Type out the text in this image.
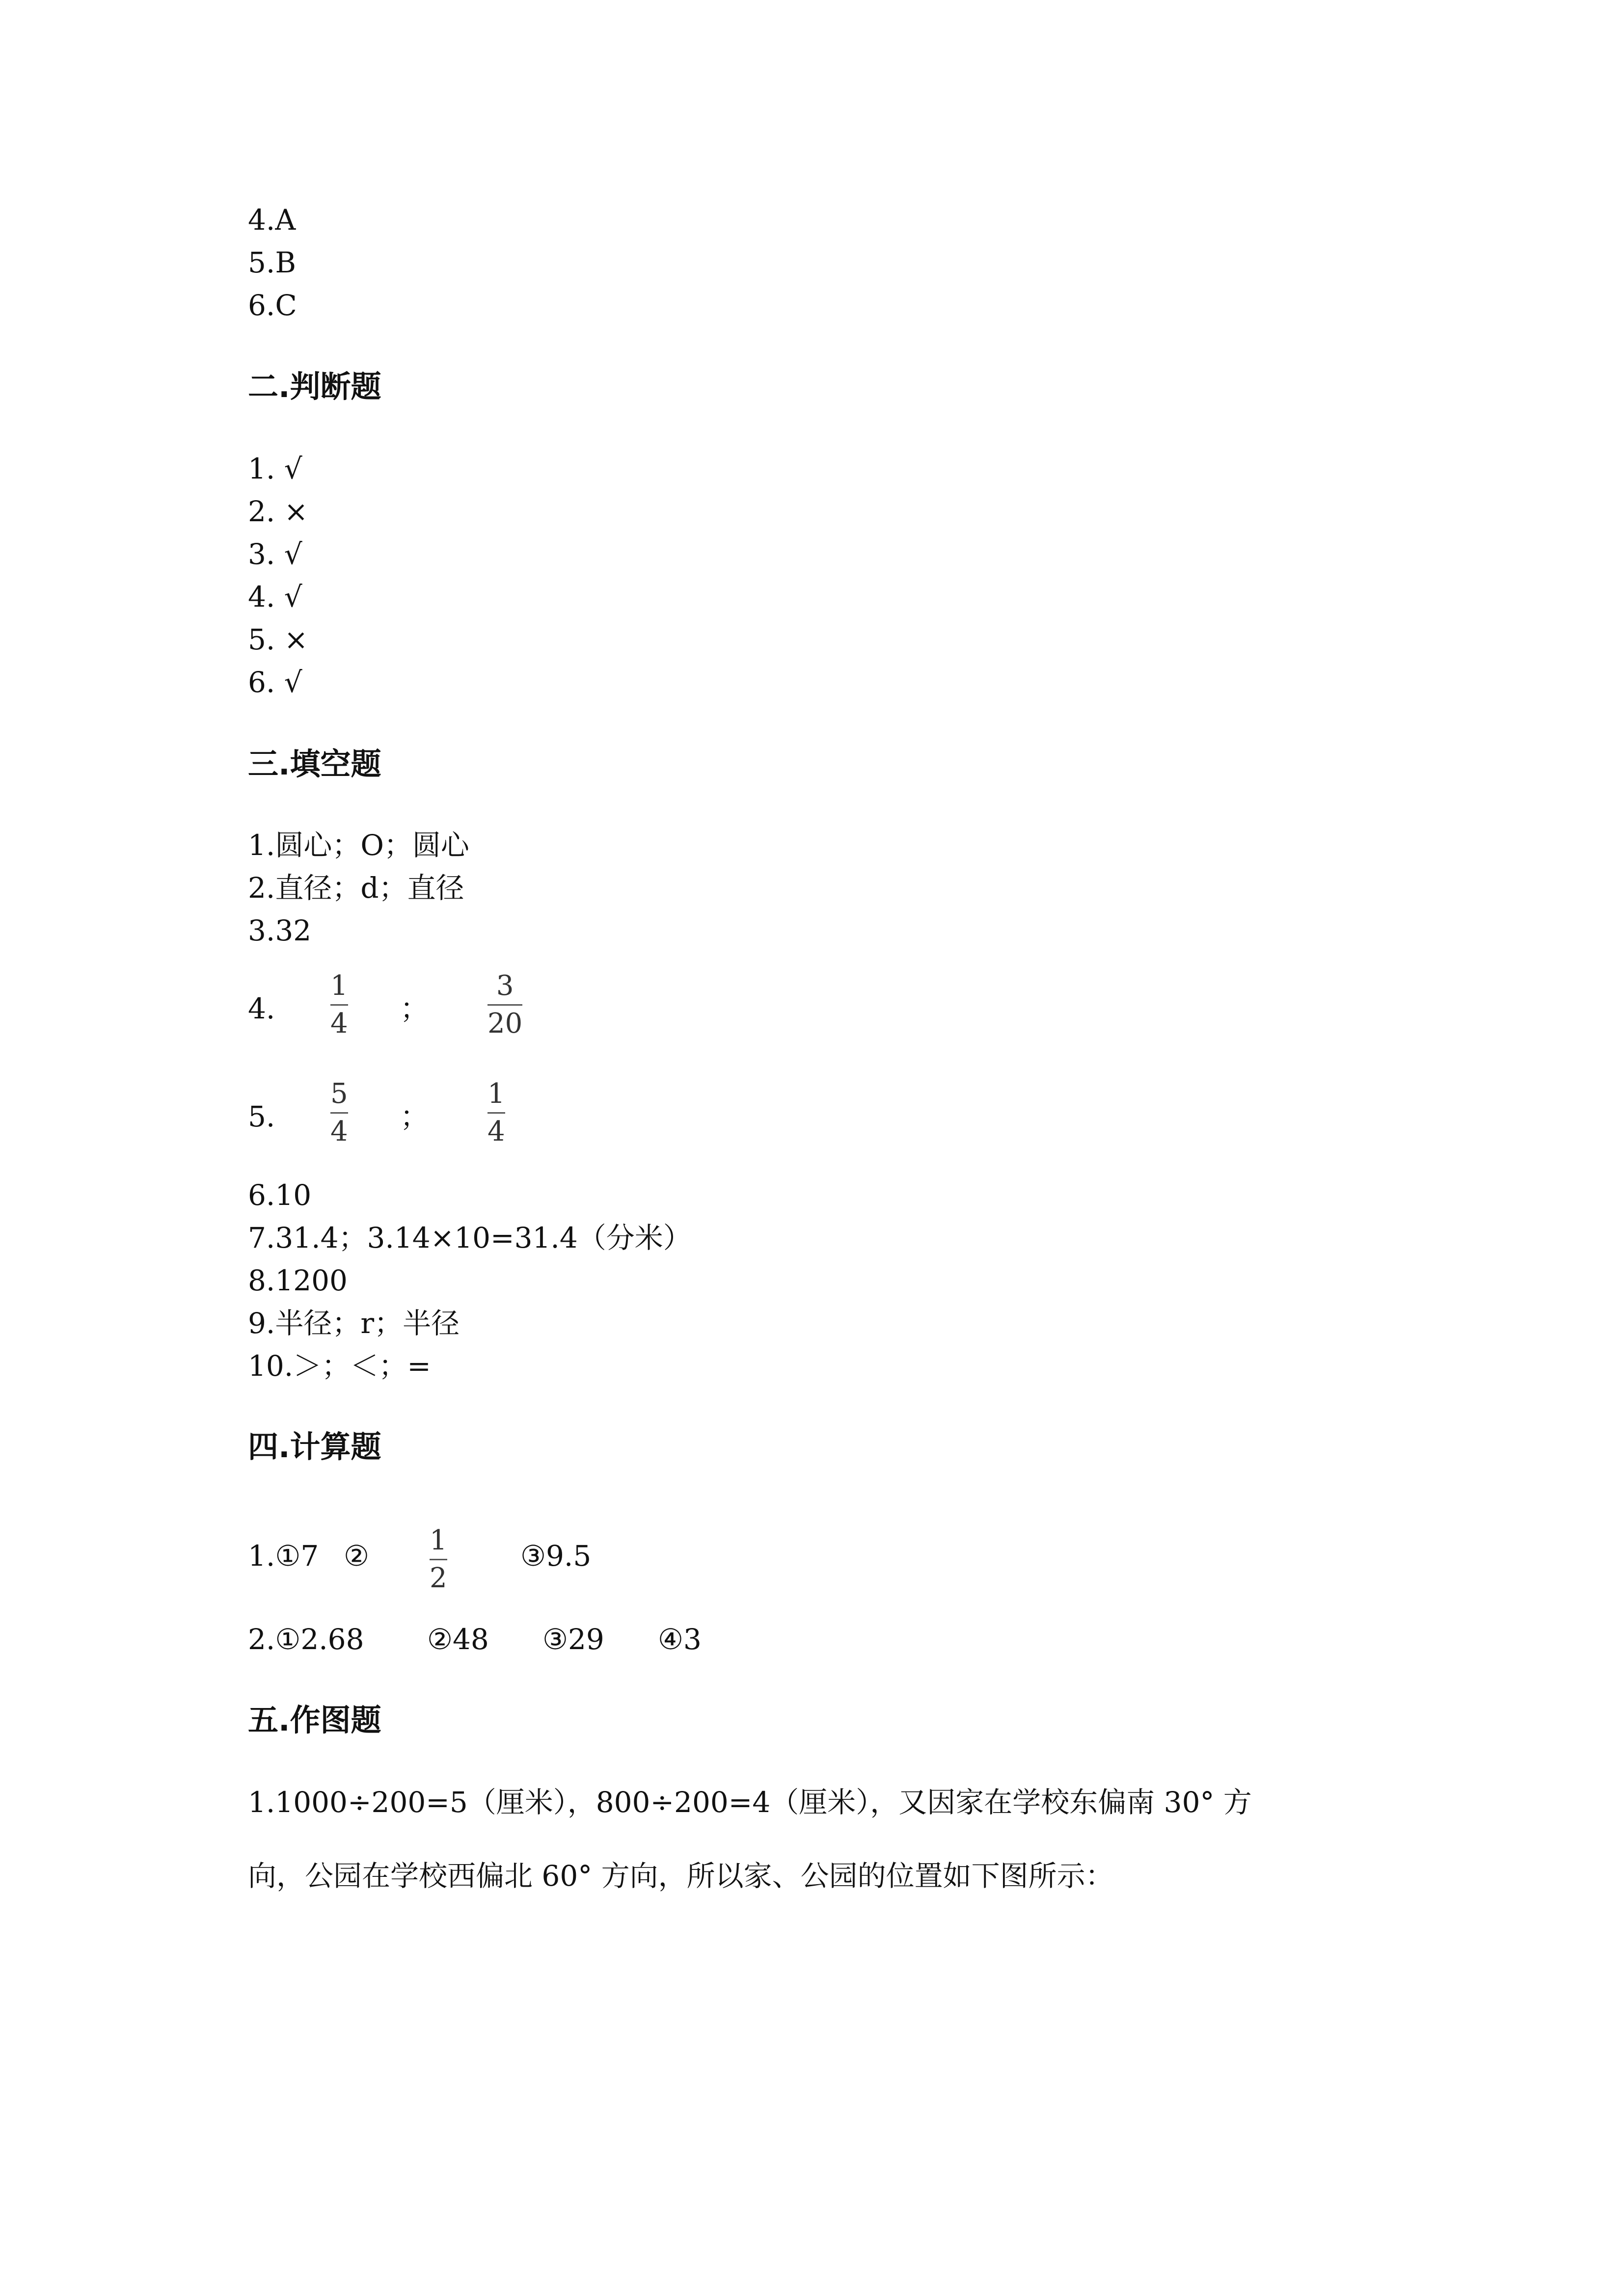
4.A
5.B
6.C
二.判断题
1. √
2. ×
3. √
4. √
5. ×
6. √
三.填空题
1.圆心；O；圆心
2.直径；d；直径
3.32
4.
1
4 ；
3
20
5.
5
4 ；
1
4
6.10
7.31.4；3.14×10=31.4（分米）
8.1200
9.半径；r；半径
10.＞；＜；=
四.计算题
1.①7 ② 1
2
③9.5
2.①2.68 ②48 ③29 ④3
五.作图题
1.1000÷200=5（厘米），800÷200=4（厘米），又因家在学校东偏南 30° 方
向，公园在学校西偏北 60° 方向，所以家、公园的位置如下图所示：
